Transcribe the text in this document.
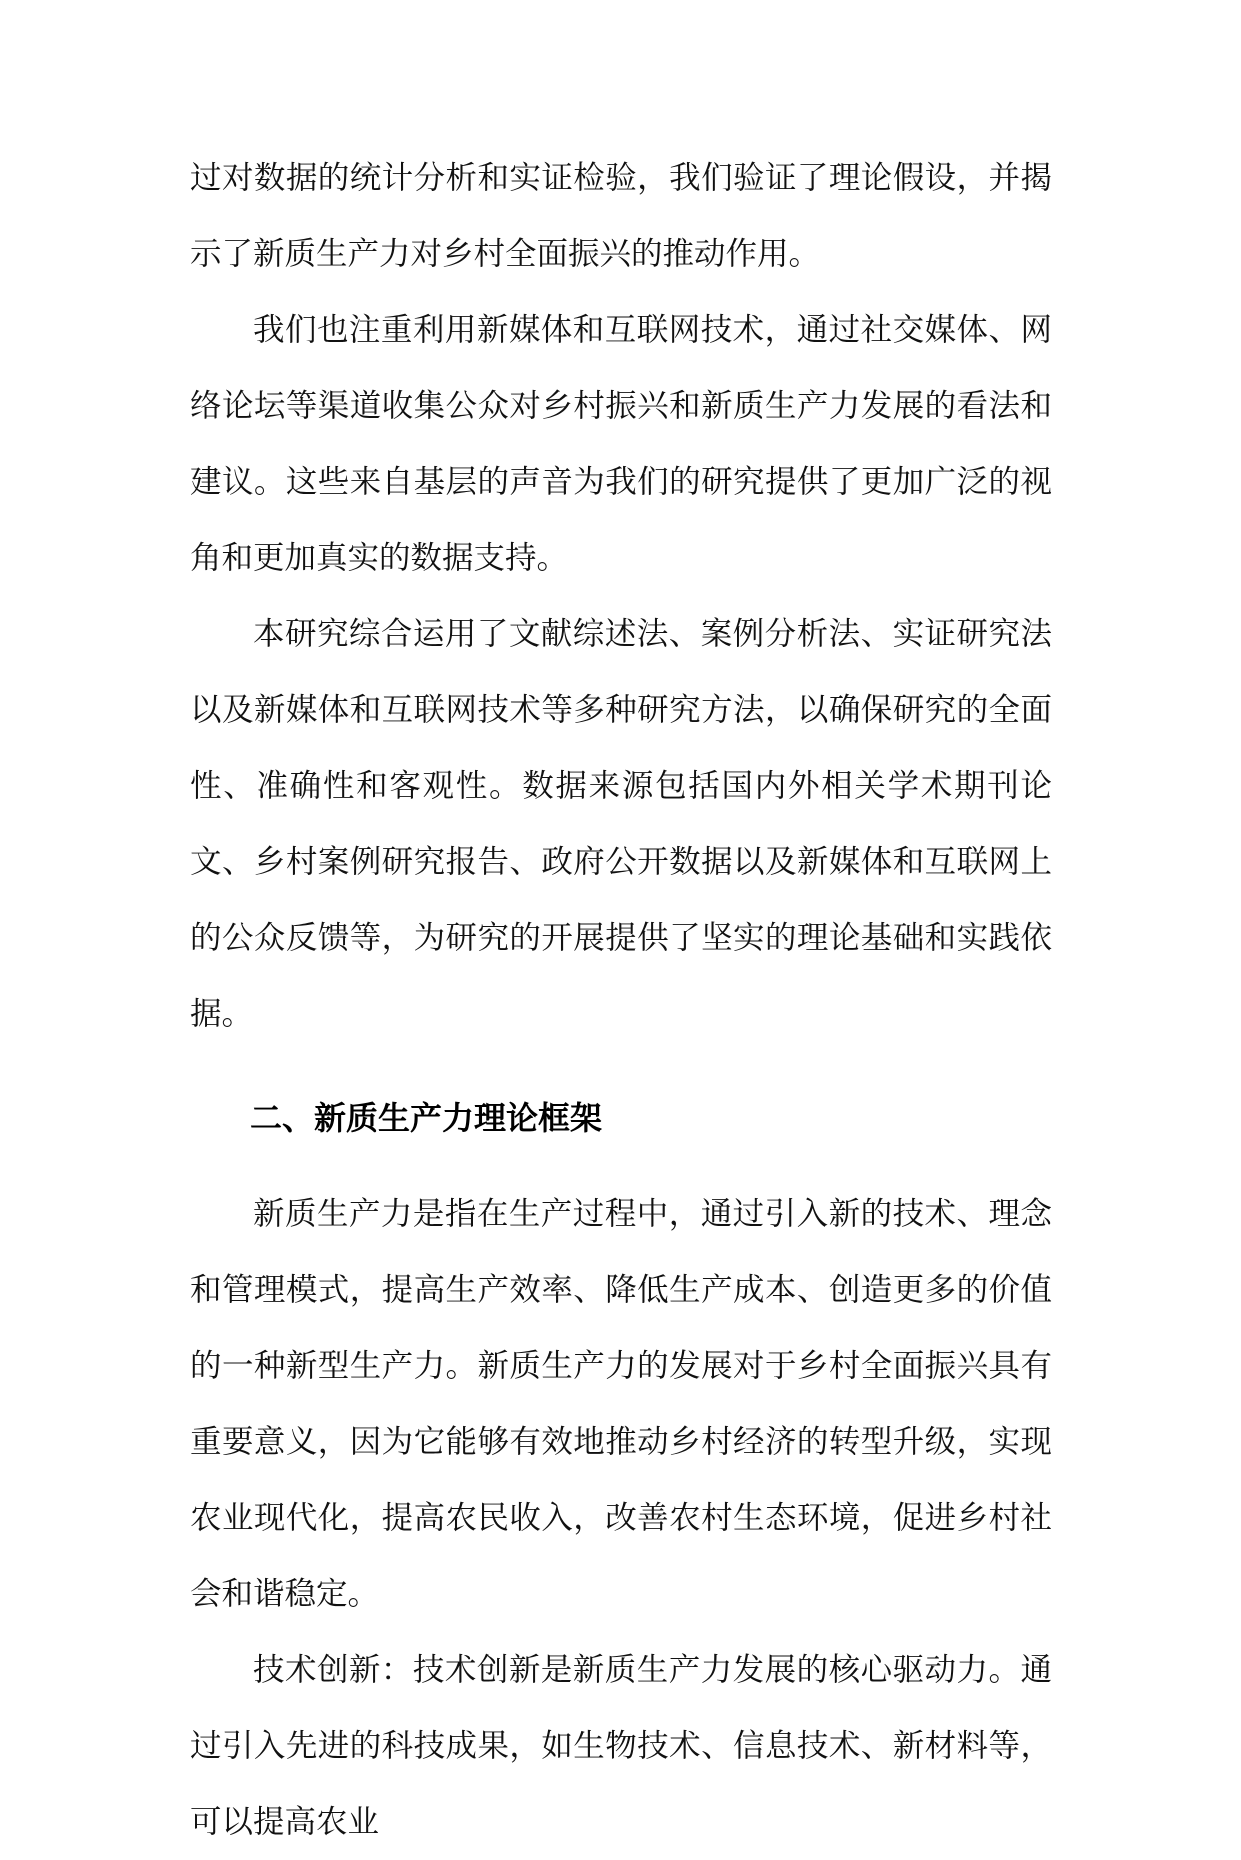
过对数据的统计分析和实证检验，我们验证了理论假设，并揭示了新质生产力对乡村全面振兴的推动作用。

我们也注重利用新媒体和互联网技术，通过社交媒体、网络论坛等渠道收集公众对乡村振兴和新质生产力发展的看法和建议。这些来自基层的声音为我们的研究提供了更加广泛的视角和更加真实的数据支持。

本研究综合运用了文献综述法、案例分析法、实证研究法以及新媒体和互联网技术等多种研究方法，以确保研究的全面性、准确性和客观性。数据来源包括国内外相关学术期刊论文、乡村案例研究报告、政府公开数据以及新媒体和互联网上的公众反馈等，为研究的开展提供了坚实的理论基础和实践依据。

二、新质生产力理论框架

新质生产力是指在生产过程中，通过引入新的技术、理念和管理模式，提高生产效率、降低生产成本、创造更多的价值的一种新型生产力。新质生产力的发展对于乡村全面振兴具有重要意义，因为它能够有效地推动乡村经济的转型升级，实现农业现代化，提高农民收入，改善农村生态环境，促进乡村社会和谐稳定。

技术创新：技术创新是新质生产力发展的核心驱动力。通过引入先进的科技成果，如生物技术、信息技术、新材料等，可以提高农业
